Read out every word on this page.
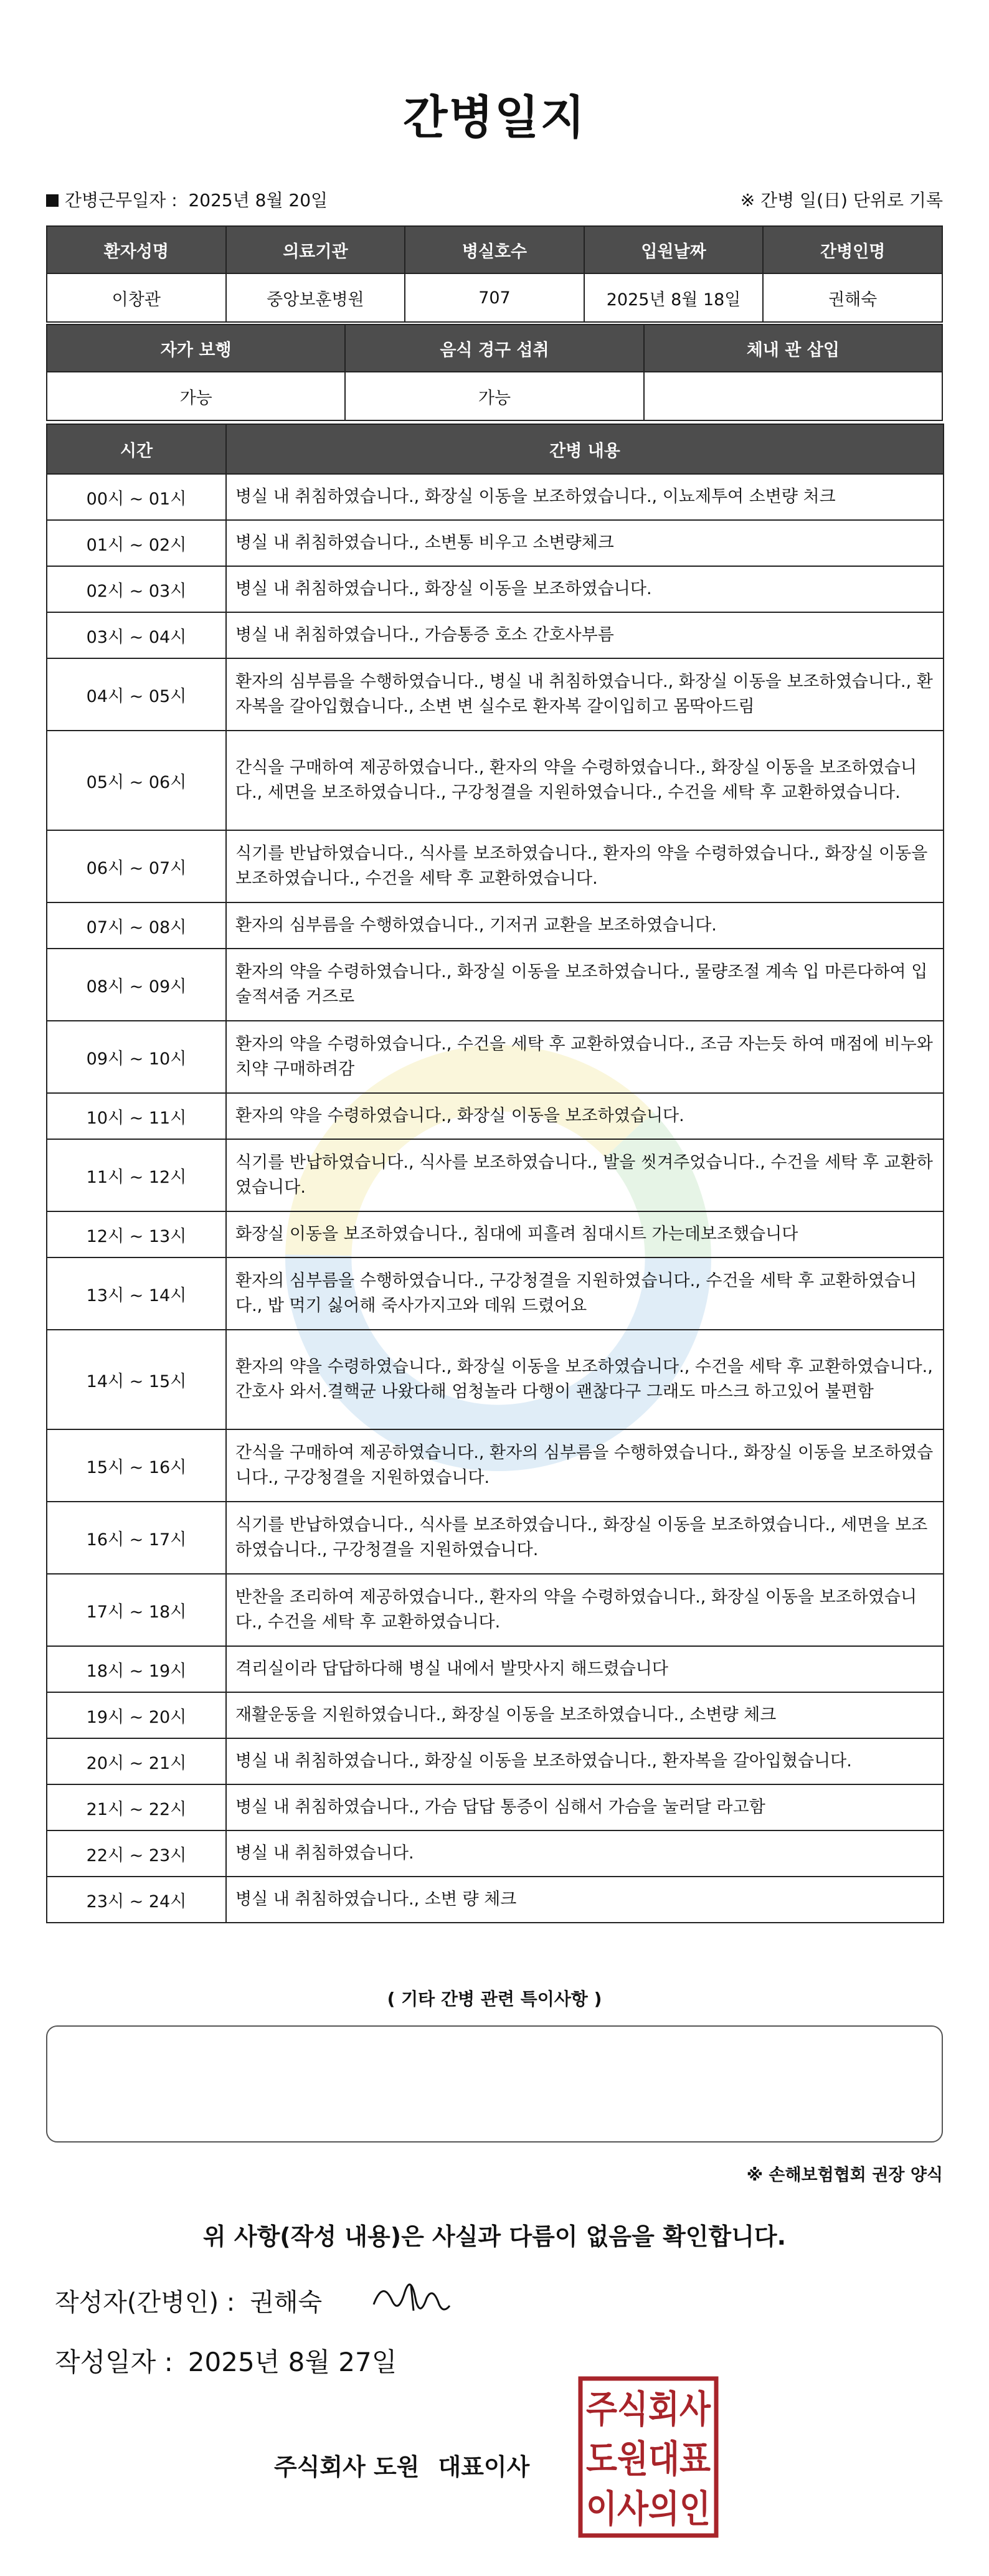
간병일지
간병근무일자 : 2025년 8월 20일	※ 간병 일(日) 단위로 기록
환자성명	의료기관	병실호수	입원날짜	간병인명
이창관	중앙보훈병원	707	2025년 8월 18일	권해숙
자가 보행	음식 경구 섭취	체내 관 삽입
가능	가능	
시간	간병 내용
00시 ~ 01시	병실 내 취침하였습니다., 화장실 이동을 보조하였습니다., 이뇨제투여 소변량 처크
01시 ~ 02시	병실 내 취침하였습니다., 소변통 비우고 소변량체크
02시 ~ 03시	병실 내 취침하였습니다., 화장실 이동을 보조하였습니다.
03시 ~ 04시	병실 내 취침하였습니다., 가슴통증 호소 간호사부름
04시 ~ 05시	환자의 심부름을 수행하였습니다., 병실 내 취침하였습니다., 화장실 이동을 보조하였습니다., 환자복을 갈아입혔습니다., 소변 변 실수로 환자복 갈이입히고 몸딱아드림
05시 ~ 06시	간식을 구매하여 제공하였습니다., 환자의 약을 수령하였습니다., 화장실 이동을 보조하였습니다., 세면을 보조하였습니다., 구강청결을 지원하였습니다., 수건을 세탁 후 교환하였습니다.
06시 ~ 07시	식기를 반납하였습니다., 식사를 보조하였습니다., 환자의 약을 수령하였습니다., 화장실 이동을 보조하였습니다., 수건을 세탁 후 교환하였습니다.
07시 ~ 08시	환자의 심부름을 수행하였습니다., 기저귀 교환을 보조하였습니다.
08시 ~ 09시	환자의 약을 수령하였습니다., 화장실 이동을 보조하였습니다., 물량조절 계속 입 마른다하여 입술적셔줌 거즈로
09시 ~ 10시	환자의 약을 수령하였습니다., 수건을 세탁 후 교환하였습니다., 조금 자는듯 하여 매점에 비누와 치약 구매하려감
10시 ~ 11시	환자의 약을 수령하였습니다., 화장실 이동을 보조하였습니다.
11시 ~ 12시	식기를 반납하였습니다., 식사를 보조하였습니다., 발을 씻겨주었습니다., 수건을 세탁 후 교환하였습니다.
12시 ~ 13시	화장실 이동을 보조하였습니다., 침대에 피흘려 침대시트 가는데보조했습니다
13시 ~ 14시	환자의 심부름을 수행하였습니다., 구강청결을 지원하였습니다., 수건을 세탁 후 교환하였습니다., 밥 먹기 싫어해 죽사가지고와 데워 드렸어요
14시 ~ 15시	환자의 약을 수령하였습니다., 화장실 이동을 보조하였습니다., 수건을 세탁 후 교환하였습니다., 간호사 와서.결핵균 나왔다해 엄청놀라 다행이 괜찮다구 그래도 마스크 하고있어 불편함
15시 ~ 16시	간식을 구매하여 제공하였습니다., 환자의 심부름을 수행하였습니다., 화장실 이동을 보조하였습니다., 구강청결을 지원하였습니다.
16시 ~ 17시	식기를 반납하였습니다., 식사를 보조하였습니다., 화장실 이동을 보조하였습니다., 세면을 보조하였습니다., 구강청결을 지원하였습니다.
17시 ~ 18시	반찬을 조리하여 제공하였습니다., 환자의 약을 수령하였습니다., 화장실 이동을 보조하였습니다., 수건을 세탁 후 교환하였습니다.
18시 ~ 19시	격리실이라 답답하다해 병실 내에서 발맛사지 해드렸습니다
19시 ~ 20시	재활운동을 지원하였습니다., 화장실 이동을 보조하였습니다., 소변량 체크
20시 ~ 21시	병실 내 취침하였습니다., 화장실 이동을 보조하였습니다., 환자복을 갈아입혔습니다.
21시 ~ 22시	병실 내 취침하였습니다., 가슴 답답 통증이 심해서 가슴을 눌러달 라고함
22시 ~ 23시	병실 내 취침하였습니다.
23시 ~ 24시	병실 내 취침하였습니다., 소변 량 체크
( 기타 간병 관련 특이사항 )
※ 손해보험협회 권장 양식
위 사항(작성 내용)은 사실과 다름이 없음을 확인합니다.
작성자(간병인) : 권해숙
작성일자 : 2025년 8월 27일
주식회사 도원 대표이사
주식회사
도원대표
이사의인
